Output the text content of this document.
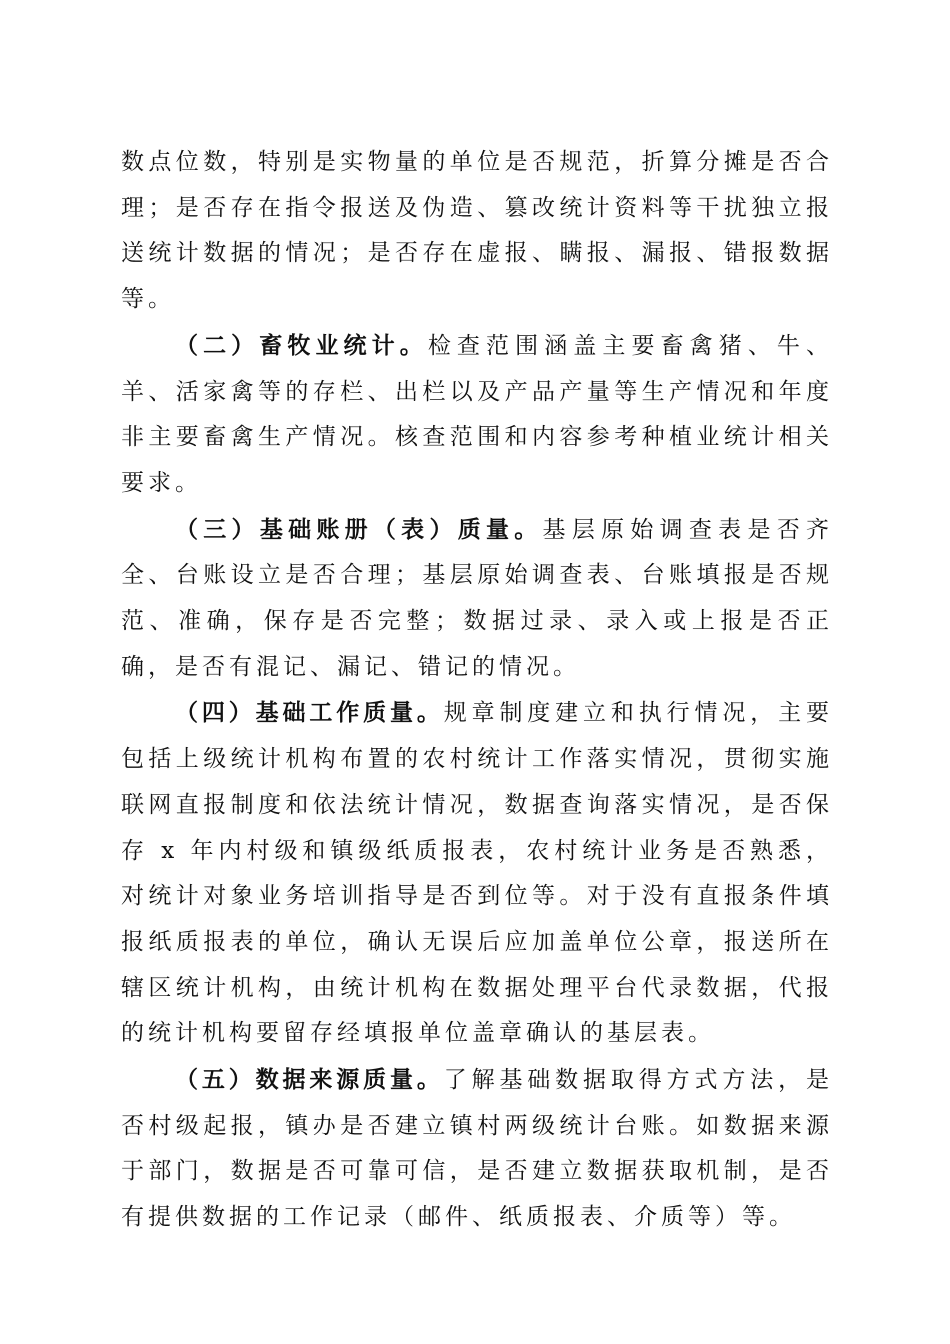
数点位数，特别是实物量的单位是否规范，折算分摊是否合理；是否存在指令报送及伪造、篡改统计资料等干扰独立报送统计数据的情况；是否存在虚报、瞒报、漏报、错报数据等。

（二）畜牧业统计。检查范围涵盖主要畜禽猪、牛、羊、活家禽等的存栏、出栏以及产品产量等生产情况和年度非主要畜禽生产情况。核查范围和内容参考种植业统计相关要求。

（三）基础账册（表）质量。基层原始调查表是否齐全、台账设立是否合理；基层原始调查表、台账填报是否规范、准确，保存是否完整；数据过录、录入或上报是否正确，是否有混记、漏记、错记的情况。

（四）基础工作质量。规章制度建立和执行情况，主要包括上级统计机构布置的农村统计工作落实情况，贯彻实施联网直报制度和依法统计情况，数据查询落实情况，是否保存 x 年内村级和镇级纸质报表，农村统计业务是否熟悉，对统计对象业务培训指导是否到位等。对于没有直报条件填报纸质报表的单位，确认无误后应加盖单位公章，报送所在辖区统计机构，由统计机构在数据处理平台代录数据，代报的统计机构要留存经填报单位盖章确认的基层表。

（五）数据来源质量。了解基础数据取得方式方法，是否村级起报，镇办是否建立镇村两级统计台账。如数据来源于部门，数据是否可靠可信，是否建立数据获取机制，是否有提供数据的工作记录（邮件、纸质报表、介质等）等。
